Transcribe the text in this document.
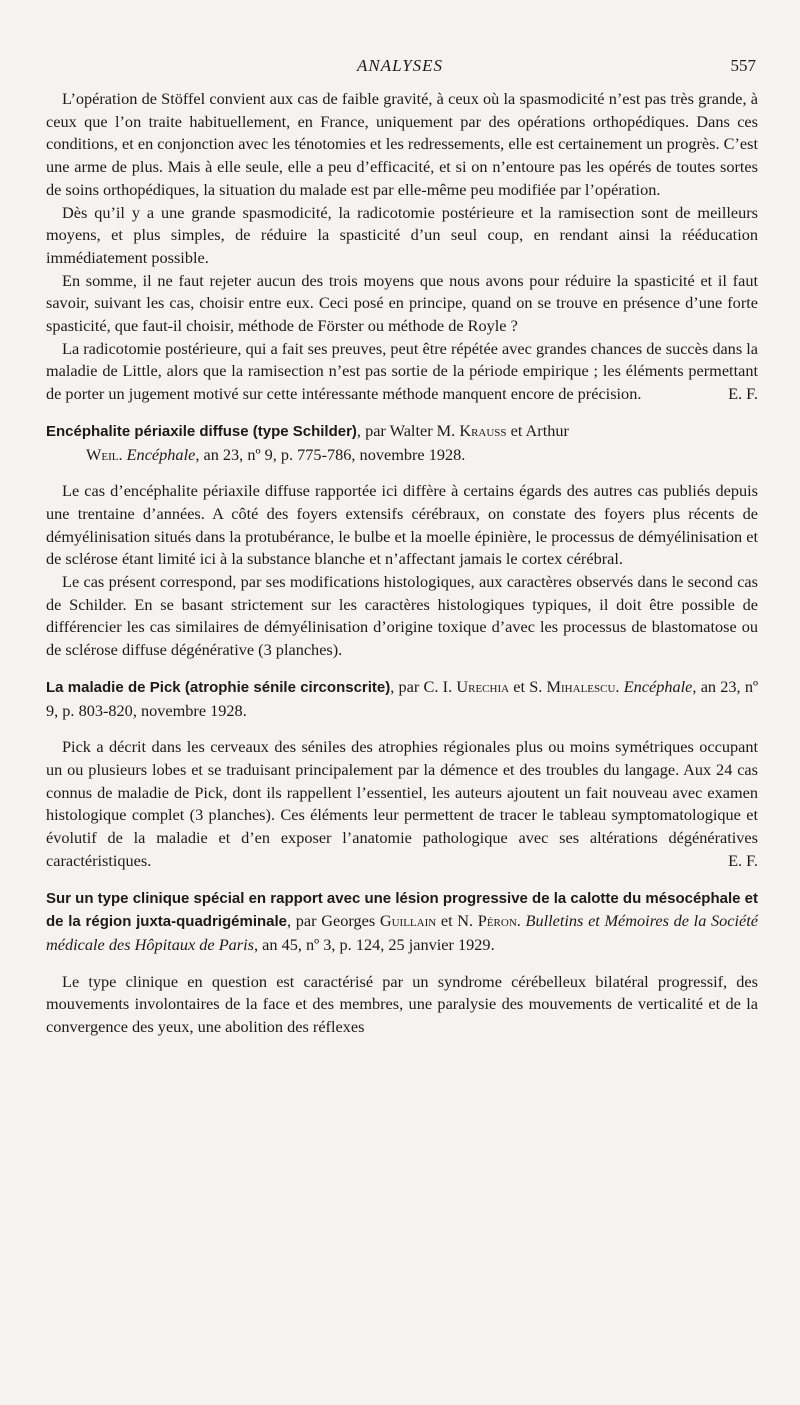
ANALYSES	557

L’opération de Stöffel convient aux cas de faible gravité, à ceux où la spasmodicité n’est pas très grande, à ceux que l’on traite habituellement, en France, uniquement par des opérations orthopédiques. Dans ces conditions, et en conjonction avec les ténotomies et les redressements, elle est certainement un progrès. C’est une arme de plus. Mais à elle seule, elle a peu d’efficacité, et si on n’entoure pas les opérés de toutes sortes de soins orthopédiques, la situation du malade est par elle-même peu modifiée par l’opération.

Dès qu’il y a une grande spasmodicité, la radicotomie postérieure et la ramisection sont de meilleurs moyens, et plus simples, de réduire la spasticité d’un seul coup, en rendant ainsi la rééducation immédiatement possible.

En somme, il ne faut rejeter aucun des trois moyens que nous avons pour réduire la spasticité et il faut savoir, suivant les cas, choisir entre eux. Ceci posé en principe, quand on se trouve en présence d’une forte spasticité, que faut-il choisir, méthode de Förster ou méthode de Royle ?

La radicotomie postérieure, qui a fait ses preuves, peut être répétée avec grandes chances de succès dans la maladie de Little, alors que la ramisection n’est pas sortie de la période empirique ; les éléments permettant de porter un jugement motivé sur cette intéressante méthode manquent encore de précision.	E. F.

Encéphalite périaxile diffuse (type Schilder), par Walter M. Krauss et Arthur
Weil. Encéphale, an 23, nº 9, p. 775-786, novembre 1928.

Le cas d’encéphalite périaxile diffuse rapportée ici diffère à certains égards des autres cas publiés depuis une trentaine d’années. A côté des foyers extensifs cérébraux, on constate des foyers plus récents de démyélinisation situés dans la protubérance, le bulbe et la moelle épinière, le processus de démyélinisation et de sclérose étant limité ici à la substance blanche et n’affectant jamais le cortex cérébral.

Le cas présent correspond, par ses modifications histologiques, aux caractères observés dans le second cas de Schilder. En se basant strictement sur les caractères histologiques typiques, il doit être possible de différencier les cas similaires de démyélinisation d’origine toxique d’avec les processus de blastomatose ou de sclérose diffuse dégénérative (3 planches).

La maladie de Pick (atrophie sénile circonscrite), par C. I. Urechia et S. Mihalescu. Encéphale, an 23, nº 9, p. 803-820, novembre 1928.

Pick a décrit dans les cerveaux des séniles des atrophies régionales plus ou moins symétriques occupant un ou plusieurs lobes et se traduisant principalement par la démence et des troubles du langage. Aux 24 cas connus de maladie de Pick, dont ils rappellent l’essentiel, les auteurs ajoutent un fait nouveau avec examen histologique complet (3 planches). Ces éléments leur permettent de tracer le tableau symptomatologique et évolutif de la maladie et d’en exposer l’anatomie pathologique avec ses altérations dégénératives caractéristiques.	E. F.

Sur un type clinique spécial en rapport avec une lésion progressive de la calotte du mésocéphale et de la région juxta-quadrigéminale, par Georges Guillain et N. Péron. Bulletins et Mémoires de la Société médicale des Hôpitaux de Paris, an 45, nº 3, p. 124, 25 janvier 1929.

Le type clinique en question est caractérisé par un syndrome cérébelleux bilatéral progressif, des mouvements involontaires de la face et des membres, une paralysie des mouvements de verticalité et de la convergence des yeux, une abolition des réflexes
